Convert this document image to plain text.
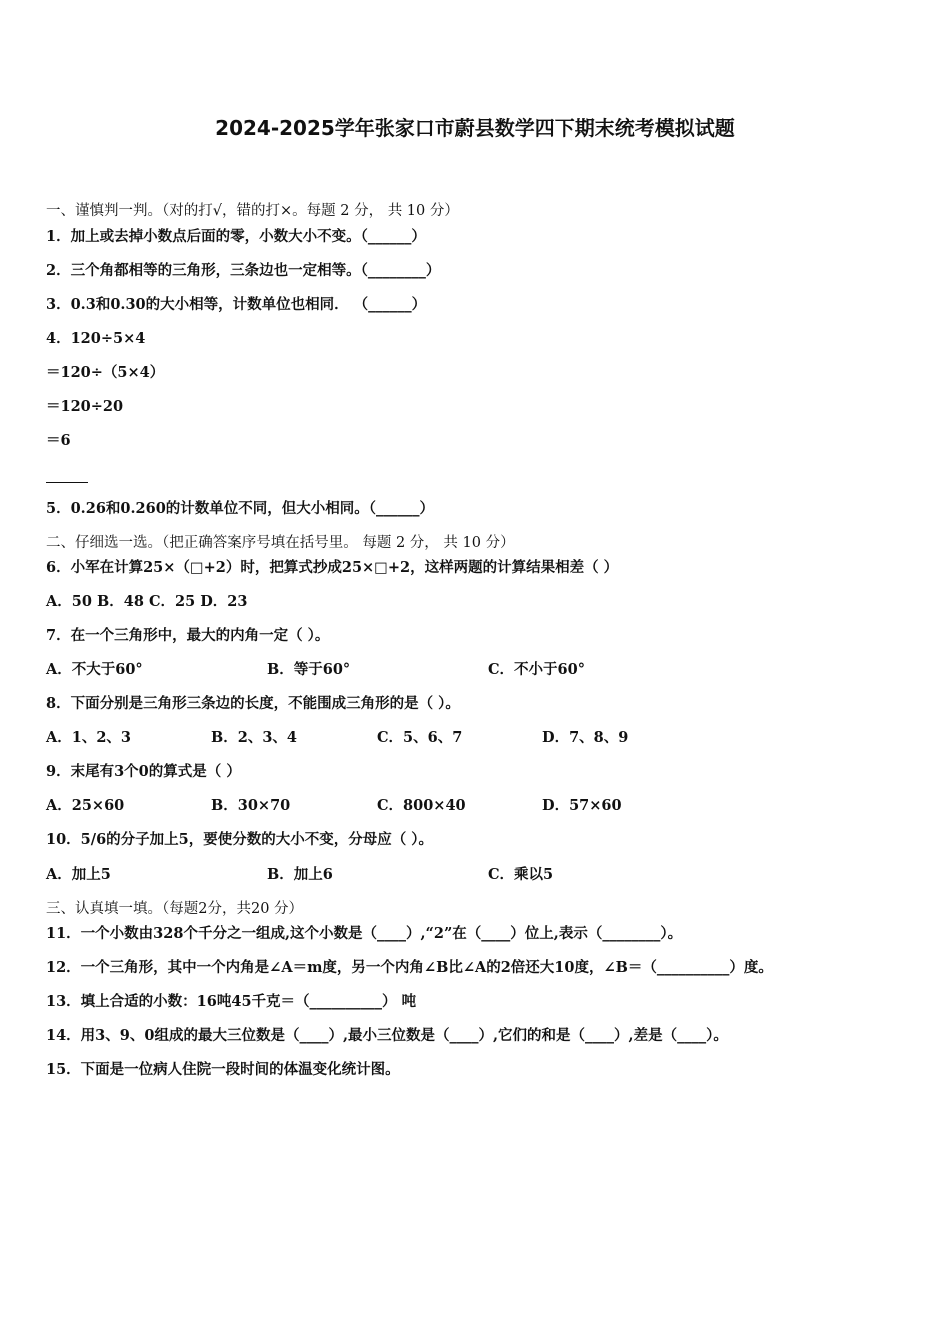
2024-2025学年张家口市蔚县数学四下期末统考模拟试题
一、谨慎判一判。（对的打√，错的打×。每题 2 分， 共 10 分）
1．加上或去掉小数点后面的零，小数大小不变。（______）
2．三个角都相等的三角形，三条边也一定相等。（________）
3．0.3和0.30的大小相等，计数单位也相同． （______）
4．120÷5×4
＝120÷（5×4）
＝120÷20
＝6
5．0.26和0.260的计数单位不同，但大小相同。（______）
二、仔细选一选。（把正确答案序号填在括号里。 每题 2 分， 共 10 分）
6．小军在计算25×（□+2）时，把算式抄成25×□+2，这样两题的计算结果相差（ ）
A．50 B．48 C．25 D．23
7．在一个三角形中，最大的内角一定（ ）。
A．不大于60°	B．等于60°	C．不小于60°
8．下面分别是三角形三条边的长度，不能围成三角形的是（ ）。
A．1、2、3	B．2、3、4	C．5、6、7	D．7、8、9
9．末尾有3个0的算式是（ ）
A．25×60	B．30×70	C．800×40	D．57×60
10．5/6的分子加上5，要使分数的大小不变，分母应（ ）。
A．加上5	B．加上6	C．乘以5
三、认真填一填。（每题2分，共20 分）
11．一个小数由328个千分之一组成,这个小数是（____）,“2”在（____）位上,表示（________）。
12．一个三角形，其中一个内角是∠A＝m度，另一个内角∠B比∠A的2倍还大10度，∠B＝（__________）度。
13．填上合适的小数：16吨45千克＝（__________） 吨
14．用3、9、0组成的最大三位数是（____）,最小三位数是（____）,它们的和是（____）,差是（____）。
15．下面是一位病人住院一段时间的体温变化统计图。
